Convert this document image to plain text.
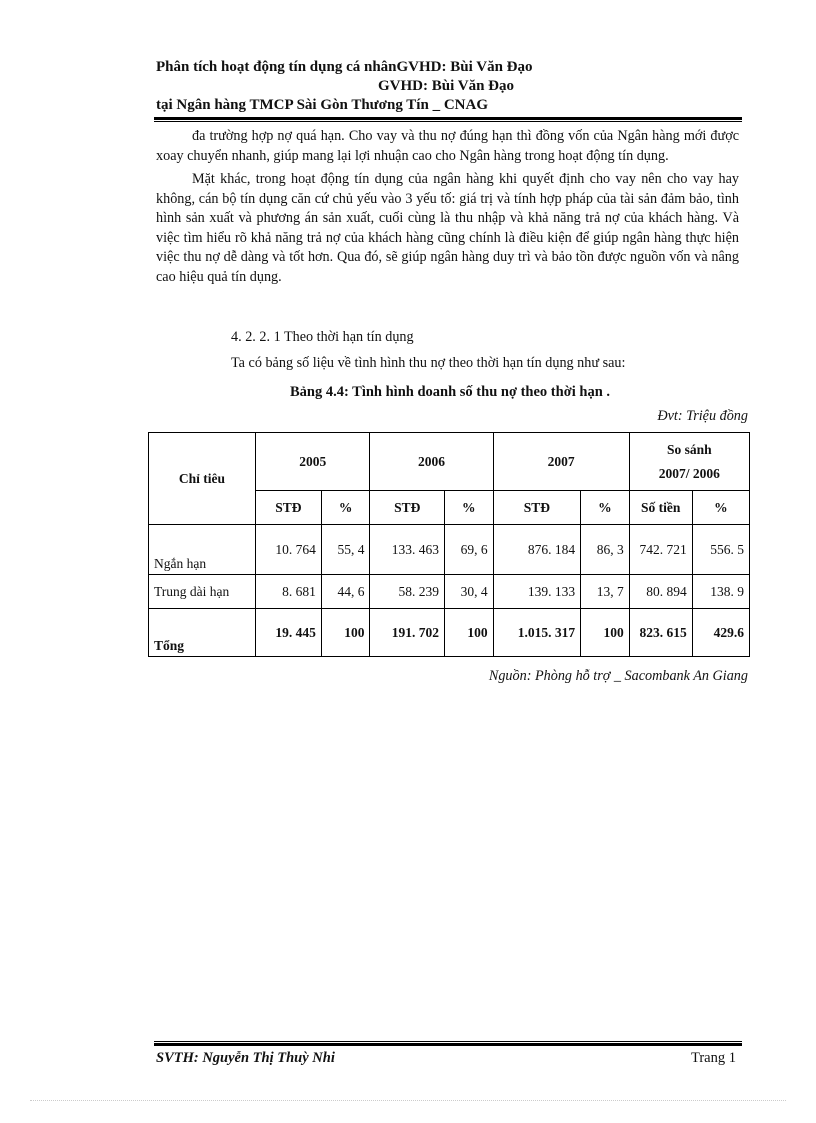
Phân tích hoạt động tín dụng cá nhânGVHD: Bùi Văn Đạo
GVHD: Bùi Văn Đạo
tại Ngân hàng TMCP Sài Gòn Thương Tín _ CNAG

đa trường hợp nợ quá hạn. Cho vay và thu nợ đúng hạn thì đồng vốn của Ngân hàng mới được xoay chuyển nhanh, giúp mang lại lợi nhuận cao cho Ngân hàng trong hoạt động tín dụng.

Mặt khác, trong hoạt động tín dụng của ngân hàng khi quyết định cho vay nên cho vay hay không, cán bộ tín dụng căn cứ chủ yếu vào 3 yếu tố: giá trị và tính hợp pháp của tài sản đảm bảo, tình hình sản xuất và phương án sản xuất, cuối cùng là thu nhập và khả năng trả nợ của khách hàng. Và việc tìm hiểu rõ khả năng trả nợ của khách hàng cũng chính là điều kiện để giúp ngân hàng thực hiện việc thu nợ dễ dàng và tốt hơn. Qua đó, sẽ giúp ngân hàng duy trì và bảo tồn được nguồn vốn và nâng cao hiệu quả tín dụng.

4. 2. 2. 1 Theo thời hạn tín dụng
Ta có bảng số liệu về tình hình thu nợ theo thời hạn tín dụng như sau:
Bảng 4.4: Tình hình doanh số thu nợ theo thời hạn .
Đvt: Triệu đồng
Chỉ tiêu	2005		2006		2007		So sánh
2007/ 2006	

	STĐ	%	STĐ	%	STĐ	%	Số tiền	%
Ngắn hạn	10. 764	55, 4	133. 463	69, 6	876. 184	86, 3	742. 721	556. 5
Trung dài hạn	8. 681	44, 6	58. 239	30, 4	139. 133	13, 7	80. 894	138. 9
Tổng	19. 445	100	191. 702	100	1.015. 317	100	823. 615	429.6
Nguồn: Phòng hỗ trợ _ Sacombank An Giang
SVTH: Nguyễn Thị Thuỳ Nhi	Trang 1
